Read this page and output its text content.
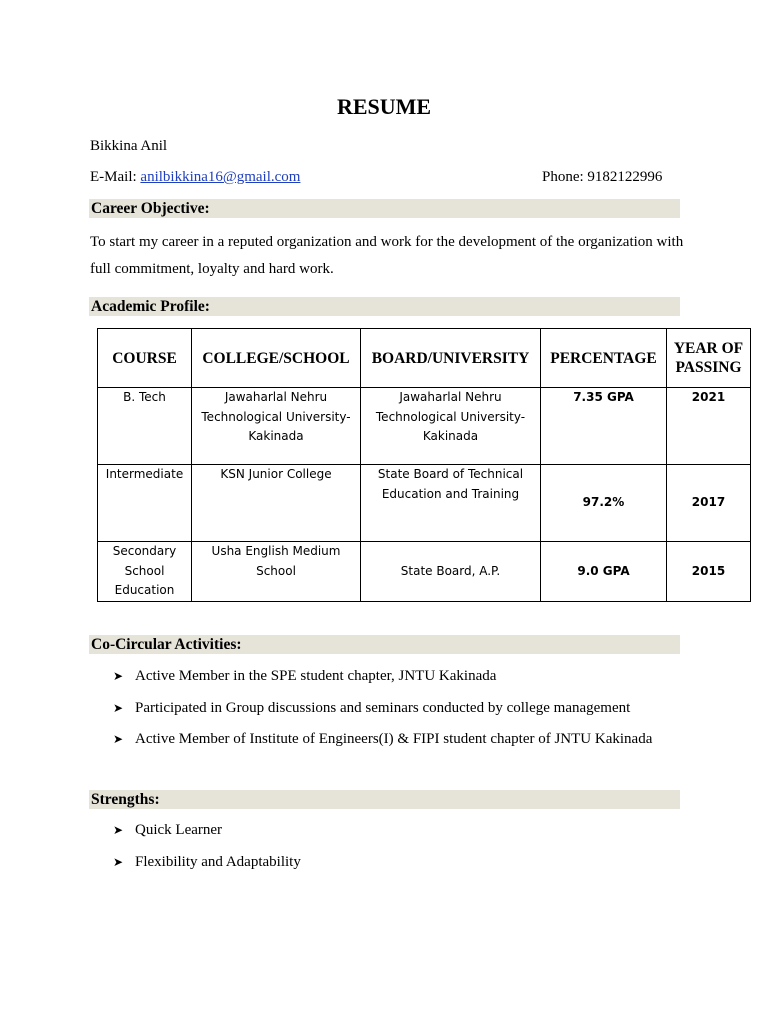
RESUME
Bikkina Anil
E-Mail: anilbikkina16@gmail.com	Phone: 9182122996
Career Objective:
To start my career in a reputed organization and work for the development of the organization with full commitment, loyalty and hard work.
Academic Profile:
COURSE	COLLEGE/SCHOOL	BOARD/UNIVERSITY	PERCENTAGE	YEAR OF PASSING
B. Tech	Jawaharlal Nehru Technological University-Kakinada	Jawaharlal Nehru Technological University-Kakinada	7.35 GPA	2021
Intermediate	KSN Junior College	State Board of Technical Education and Training	97.2%	2017
Secondary School Education	Usha English Medium School	State Board, A.P.	9.0 GPA	2015
Co-Circular Activities:
➤ Active Member in the SPE student chapter, JNTU Kakinada
➤ Participated in Group discussions and seminars conducted by college management
➤ Active Member of Institute of Engineers(I) & FIPI student chapter of JNTU Kakinada
Strengths:
➤ Quick Learner
➤ Flexibility and Adaptability
